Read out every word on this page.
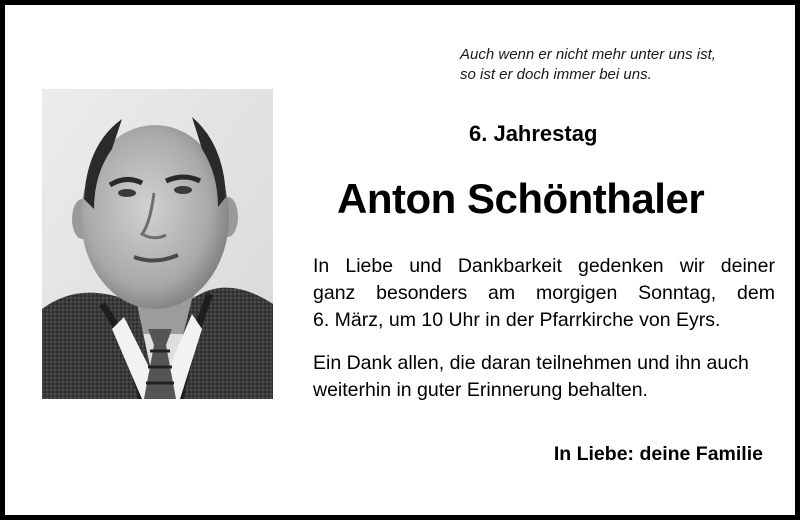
Auch wenn er nicht mehr unter uns ist,
so ist er doch immer bei uns.
6. Jahrestag
Anton Schönthaler
In Liebe und Dankbarkeit gedenken wir deiner
ganz besonders am morgigen Sonntag, dem
6. März, um 10 Uhr in der Pfarrkirche von Eyrs.
Ein Dank allen, die daran teilnehmen und ihn auch
weiterhin in guter Erinnerung behalten.
In Liebe: deine Familie
